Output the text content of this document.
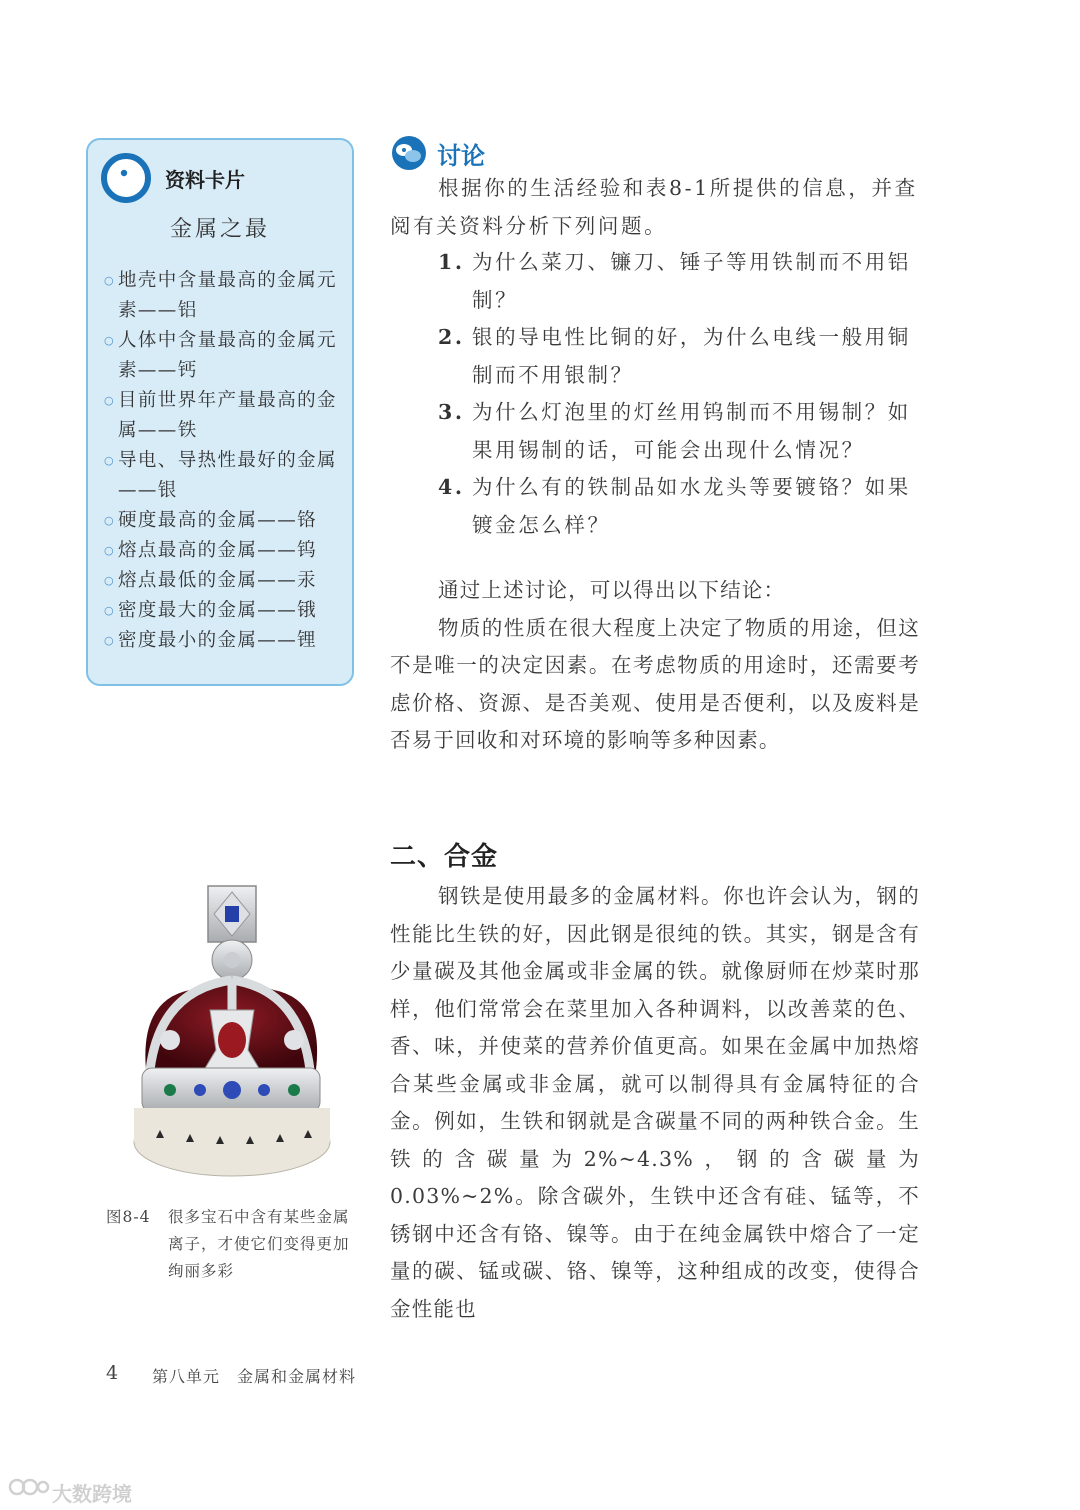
资料卡片
金属之最
○ 地壳中含量最高的金属元素——铝
○ 人体中含量最高的金属元素——钙
○ 目前世界年产量最高的金属——铁
○ 导电、导热性最好的金属——银
○ 硬度最高的金属——铬
○ 熔点最高的金属——钨
○ 熔点最低的金属——汞
○ 密度最大的金属——锇
○ 密度最小的金属——锂
讨论
根据你的生活经验和表8-1所提供的信息，并查阅有关资料分析下列问题。
1. 为什么菜刀、镰刀、锤子等用铁制而不用铝制？
2. 银的导电性比铜的好，为什么电线一般用铜制而不用银制？
3. 为什么灯泡里的灯丝用钨制而不用锡制？如果用锡制的话，可能会出现什么情况？
4. 为什么有的铁制品如水龙头等要镀铬？如果镀金怎么样？

通过上述讨论，可以得出以下结论：

物质的性质在很大程度上决定了物质的用途，但这不是唯一的决定因素。在考虑物质的用途时，还需要考虑价格、资源、是否美观、使用是否便利，以及废料是否易于回收和对环境的影响等多种因素。

二、合金

钢铁是使用最多的金属材料。你也许会认为，钢的性能比生铁的好，因此钢是很纯的铁。其实，钢是含有少量碳及其他金属或非金属的铁。就像厨师在炒菜时那样，他们常常会在菜里加入各种调料，以改善菜的色、香、味，并使菜的营养价值更高。如果在金属中加热熔合某些金属或非金属，就可以制得具有金属特征的合金。例如，生铁和钢就是含碳量不同的两种铁合金。生铁的含碳量为2%~4.3%，钢的含碳量为0.03%~2%。除含碳外，生铁中还含有硅、锰等，不锈钢中还含有铬、镍等。由于在纯金属铁中熔合了一定量的碳、锰或碳、铬、镍等，这种组成的改变，使得合金性能也

图8-4	很多宝石中含有某些金属离子，才使它们变得更加绚丽多彩
4 第八单元　金属和金属材料
大数跨境
